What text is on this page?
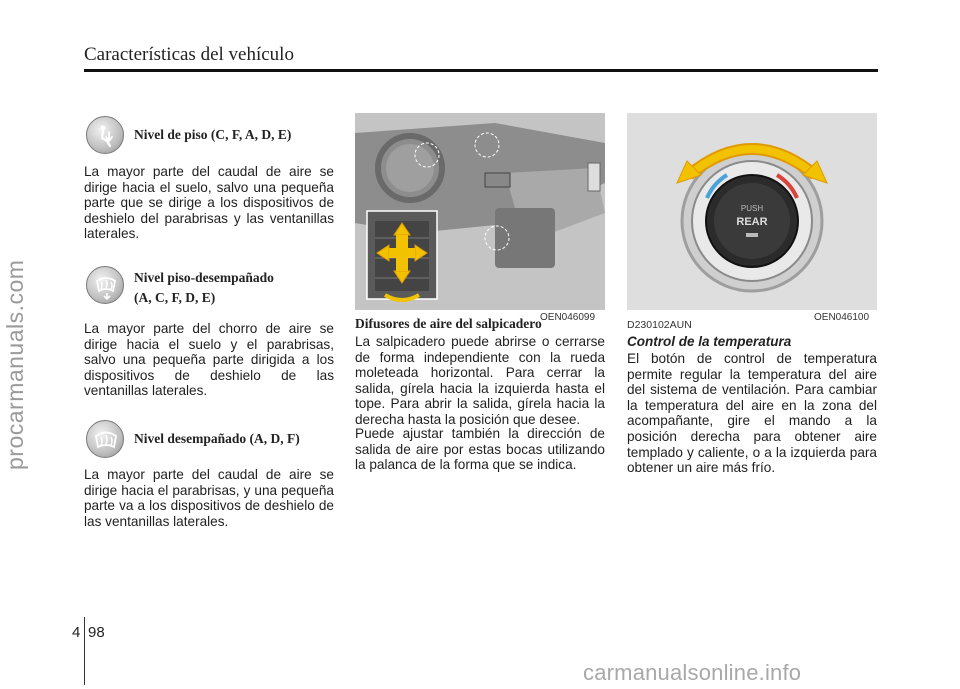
Características del vehículo
procarmanuals.com
carmanualsonline.info
Nivel de piso (C, F, A, D, E)
La mayor parte del caudal de aire se dirige hacia el suelo, salvo una pequeña parte que se dirige a los dispositivos de deshielo del parabrisas y las ventanillas laterales.
Nivel piso-desempañado
(A, C, F, D, E)
La mayor parte del chorro de aire se dirige hacia el suelo y el parabrisas, salvo una pequeña parte dirigida a los dispositivos de deshielo de las ventanillas laterales.
Nivel desempañado (A, D, F)
La mayor parte del caudal de aire se dirige hacia el parabrisas, y una pequeña parte va a los dispositivos de deshielo de las ventanillas laterales.
OEN046099
Difusores de aire del salpicadero
La salpicadero puede abrirse o cerrarse de forma independiente con la rueda moleteada horizontal. Para cerrar la salida, gírela hacia la izquierda hasta el tope. Para abrir la salida, gírela hacia la derecha hasta la posición que desee.
Puede ajustar también la dirección de salida de aire por estas bocas utilizando la palanca de la forma que se indica.
PUSH
REAR
OEN046100
D230102AUN
Control de la temperatura
El botón de control de temperatura permite regular la temperatura del aire del sistema de ventilación. Para cambiar la temperatura del aire en la zona del acompañante, gire el mando a la posición derecha para obtener aire templado y caliente, o a la izquierda para obtener un aire más frío.
4 98
